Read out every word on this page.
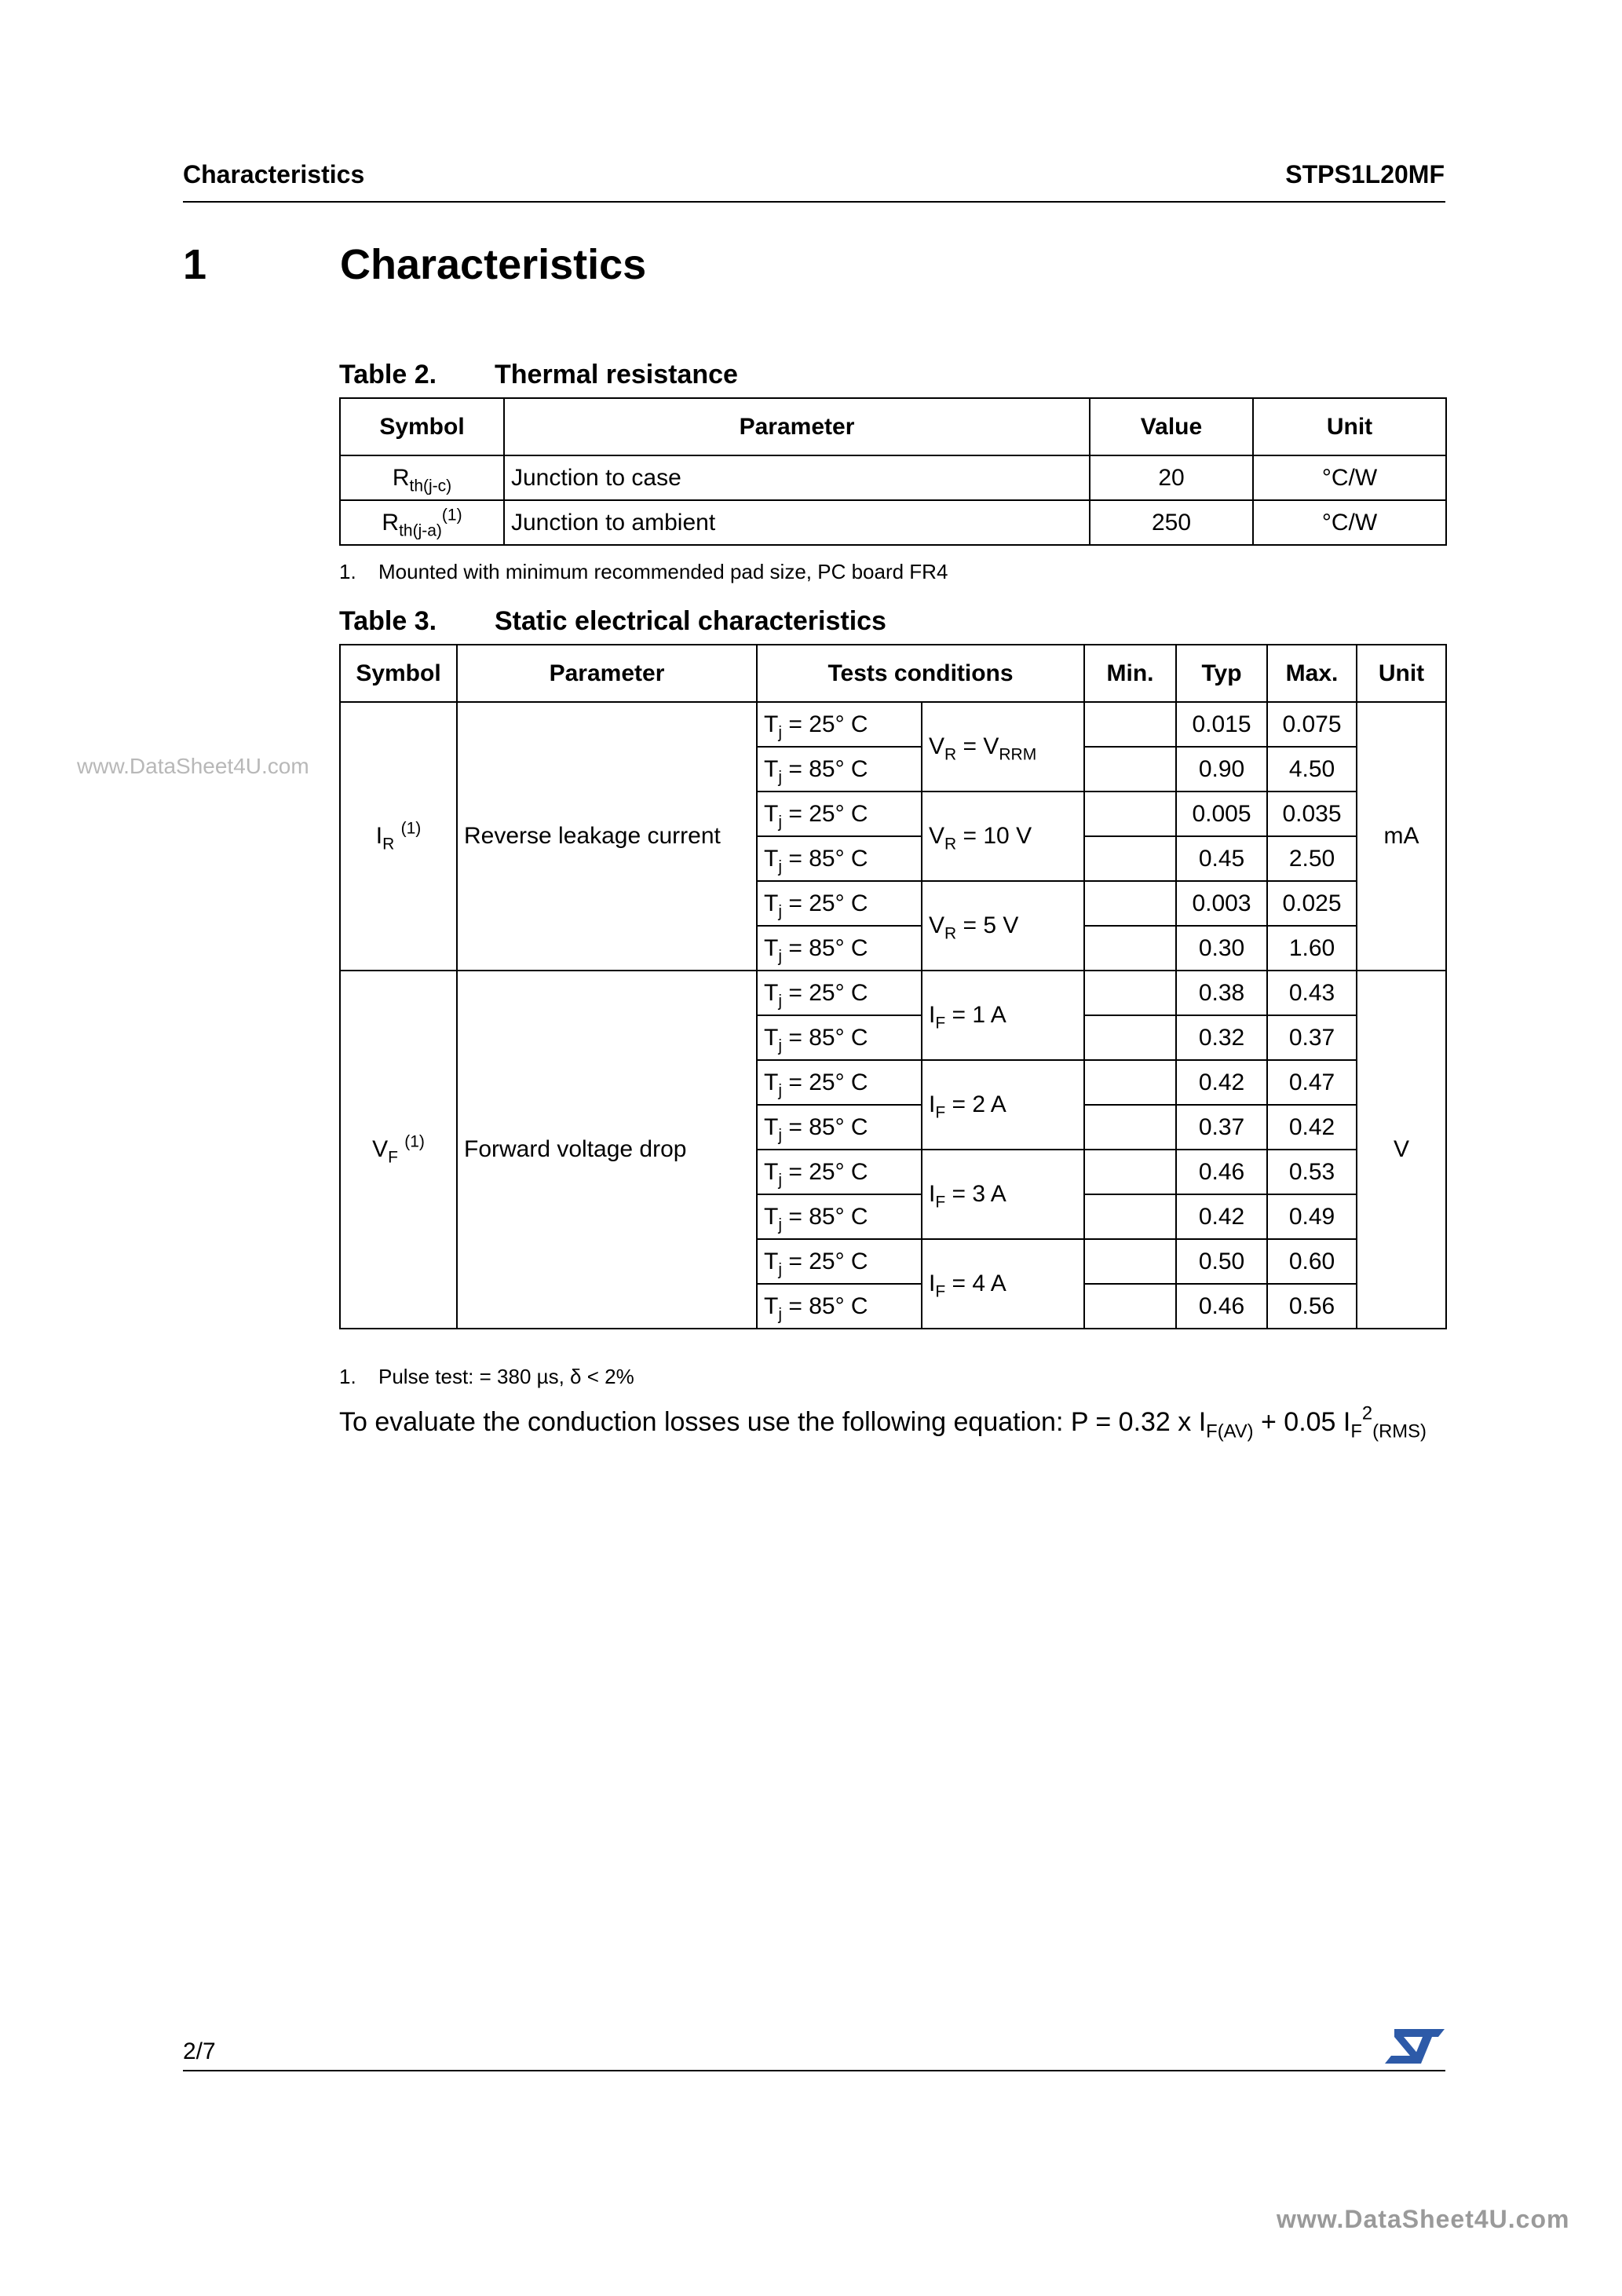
Characteristics	STPS1L20MF
1	Characteristics
Table 2. Thermal resistance
Symbol	Parameter	Value	Unit
$R_{th(j-c)}$	Junction to case	20	°C/W
$R_{th(j-a)}^{(1)}$	Junction to ambient	250	°C/W
1. Mounted with minimum recommended pad size, PC board FR4
Table 3. Static electrical characteristics
Symbol	Parameter	Tests conditions		Min.	Typ	Max.	Unit
$I_R$ $^{(1)}$	Reverse leakage current	$T_j = 25^\circ$ C	$V_R = V_{RRM}$		0.015	0.075	mA
		$T_j = 85^\circ$ C			0.90	4.50	
		$T_j = 25^\circ$ C	$V_R = 10$ V		0.005	0.035	
		$T_j = 85^\circ$ C			0.45	2.50	
		$T_j = 25^\circ$ C	$V_R = 5$ V		0.003	0.025	
		$T_j = 85^\circ$ C			0.30	1.60	
$V_F$ $^{(1)}$	Forward voltage drop	$T_j = 25^\circ$ C	$I_F = 1$ A		0.38	0.43	V
		$T_j = 85^\circ$ C			0.32	0.37	
		$T_j = 25^\circ$ C	$I_F = 2$ A		0.42	0.47	
		$T_j = 85^\circ$ C			0.37	0.42	
		$T_j = 25^\circ$ C	$I_F = 3$ A		0.46	0.53	
		$T_j = 85^\circ$ C			0.42	0.49	
		$T_j = 25^\circ$ C	$I_F = 4$ A		0.50	0.60	
		$T_j = 85^\circ$ C			0.46	0.56	
1. Pulse test: = 380 µs, δ < 2%
To evaluate the conduction losses use the following equation: P = 0.32 x $I_{F(AV)} + 0.05$ $I_F^2_{(RMS)}$
2/7	ST
www.DataSheet4U.com
www.DataSheet4U.com
